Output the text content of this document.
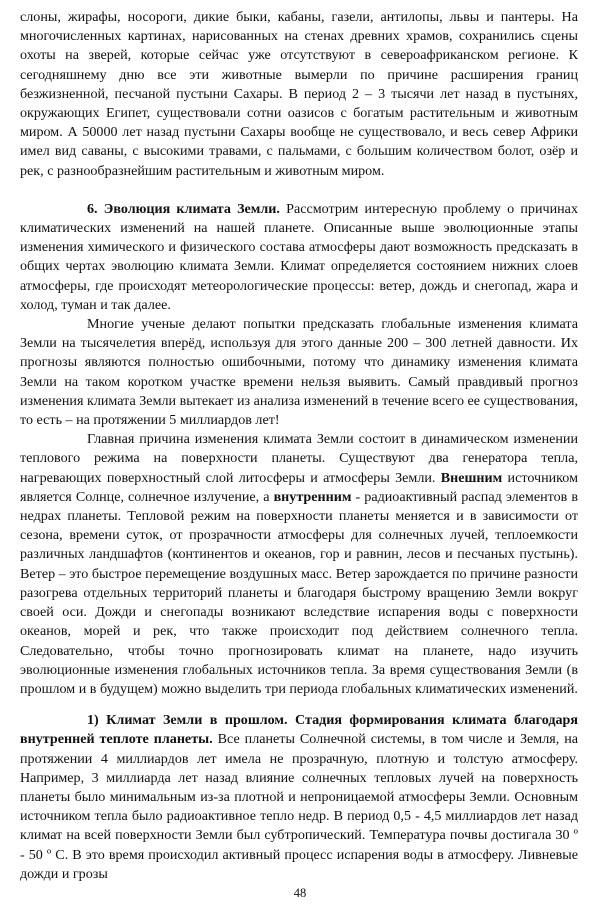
слоны, жирафы, носороги, дикие быки, кабаны, газели, антилопы, львы и пантеры. На многочисленных картинах, нарисованных на стенах древних храмов, сохранились сцены охоты на зверей, которые сейчас уже отсутствуют в североафриканском регионе. К сегодняшнему дню все эти животные вымерли по причине расширения границ безжизненной, песчаной пустыни Сахары. В период 2 – 3 тысячи лет назад в пустынях, окружающих Египет, существовали сотни оазисов с богатым растительным и животным миром. А 50000 лет назад пустыни Сахары вообще не существовало, и весь север Африки имел вид саваны, с высокими травами, с пальмами, с большим количеством болот, озёр и рек, с разнообразнейшим растительным и животным миром.

6. Эволюция климата Земли. Рассмотрим интересную проблему о причинах климатических изменений на нашей планете. Описанные выше эволюционные этапы изменения химического и физического состава атмосферы дают возможность предсказать в общих чертах эволюцию климата Земли. Климат определяется состоянием нижних слоев атмосферы, где происходят метеорологические процессы: ветер, дождь и снегопад, жара и холод, туман и так далее.

Многие ученые делают попытки предсказать глобальные изменения климата Земли на тысячелетия вперёд, используя для этого данные 200 – 300 летней давности. Их прогнозы являются полностью ошибочными, потому что динамику изменения климата Земли на таком коротком участке времени нельзя выявить. Самый правдивый прогноз изменения климата Земли вытекает из анализа изменений в течение всего ее существования, то есть – на протяжении 5 миллиардов лет!

Главная причина изменения климата Земли состоит в динамическом изменении теплового режима на поверхности планеты. Существуют два генератора тепла, нагревающих поверхностный слой литосферы и атмосферы Земли. Внешним источником является Солнце, солнечное излучение, а внутренним - радиоактивный распад элементов в недрах планеты. Тепловой режим на поверхности планеты меняется и в зависимости от сезона, времени суток, от прозрачности атмосферы для солнечных лучей, теплоемкости различных ландшафтов (континентов и океанов, гор и равнин, лесов и песчаных пустынь). Ветер – это быстрое перемещение воздушных масс. Ветер зарождается по причине разности разогрева отдельных территорий планеты и благодаря быстрому вращению Земли вокруг своей оси. Дожди и снегопады возникают вследствие испарения воды с поверхности океанов, морей и рек, что также происходит под действием солнечного тепла. Следовательно, чтобы точно прогнозировать климат на планете, надо изучить эволюционные изменения глобальных источников тепла. За время существования Земли (в прошлом и в будущем) можно выделить три периода глобальных климатических изменений.

1) Климат Земли в прошлом. Стадия формирования климата благодаря внутренней теплоте планеты. Все планеты Солнечной системы, в том числе и Земля, на протяжении 4 миллиардов лет имела не прозрачную, плотную и толстую атмосферу. Например, 3 миллиарда лет назад влияние солнечных тепловых лучей на поверхность планеты было минимальным из-за плотной и непроницаемой атмосферы Земли. Основным источником тепла было радиоактивное тепло недр. В период 0,5 - 4,5 миллиардов лет назад климат на всей поверхности Земли был субтропический. Температура почвы достигала 30 º - 50 º С. В это время происходил активный процесс испарения воды в атмосферу. Ливневые дожди и грозы

48
